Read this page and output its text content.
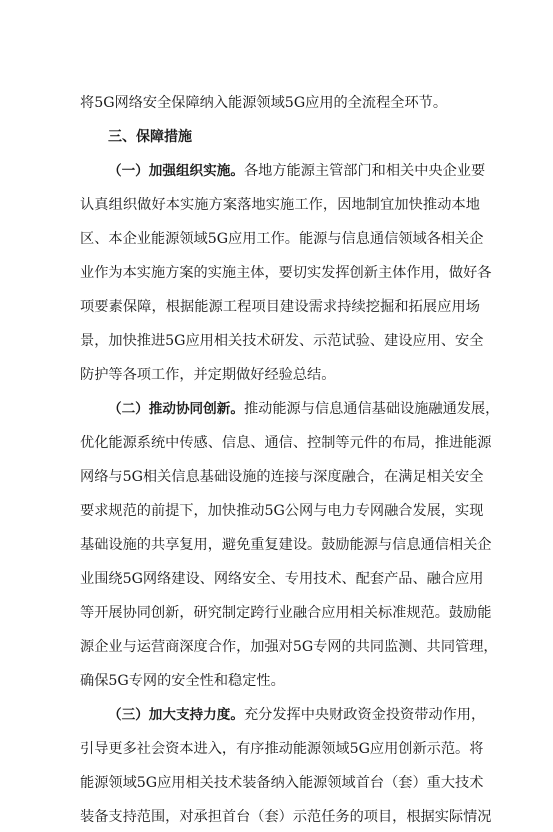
将5G网络安全保障纳入能源领域5G应用的全流程全环节。
三、保障措施
（一）加强组织实施。各地方能源主管部门和相关中央企业要
认真组织做好本实施方案落地实施工作，因地制宜加快推动本地
区、本企业能源领域5G应用工作。能源与信息通信领域各相关企
业作为本实施方案的实施主体，要切实发挥创新主体作用，做好各
项要素保障，根据能源工程项目建设需求持续挖掘和拓展应用场
景，加快推进5G应用相关技术研发、示范试验、建设应用、安全
防护等各项工作，并定期做好经验总结。
（二）推动协同创新。推动能源与信息通信基础设施融通发展，
优化能源系统中传感、信息、通信、控制等元件的布局，推进能源
网络与5G相关信息基础设施的连接与深度融合，在满足相关安全
要求规范的前提下，加快推动5G公网与电力专网融合发展，实现
基础设施的共享复用，避免重复建设。鼓励能源与信息通信相关企
业围绕5G网络建设、网络安全、专用技术、配套产品、融合应用
等开展协同创新，研究制定跨行业融合应用相关标准规范。鼓励能
源企业与运营商深度合作，加强对5G专网的共同监测、共同管理，
确保5G专网的安全性和稳定性。
（三）加大支持力度。充分发挥中央财政资金投资带动作用，
引导更多社会资本进入，有序推动能源领域5G应用创新示范。将
能源领域5G应用相关技术装备纳入能源领域首台（套）重大技术
装备支持范围，对承担首台（套）示范任务的项目，根据实际情况
